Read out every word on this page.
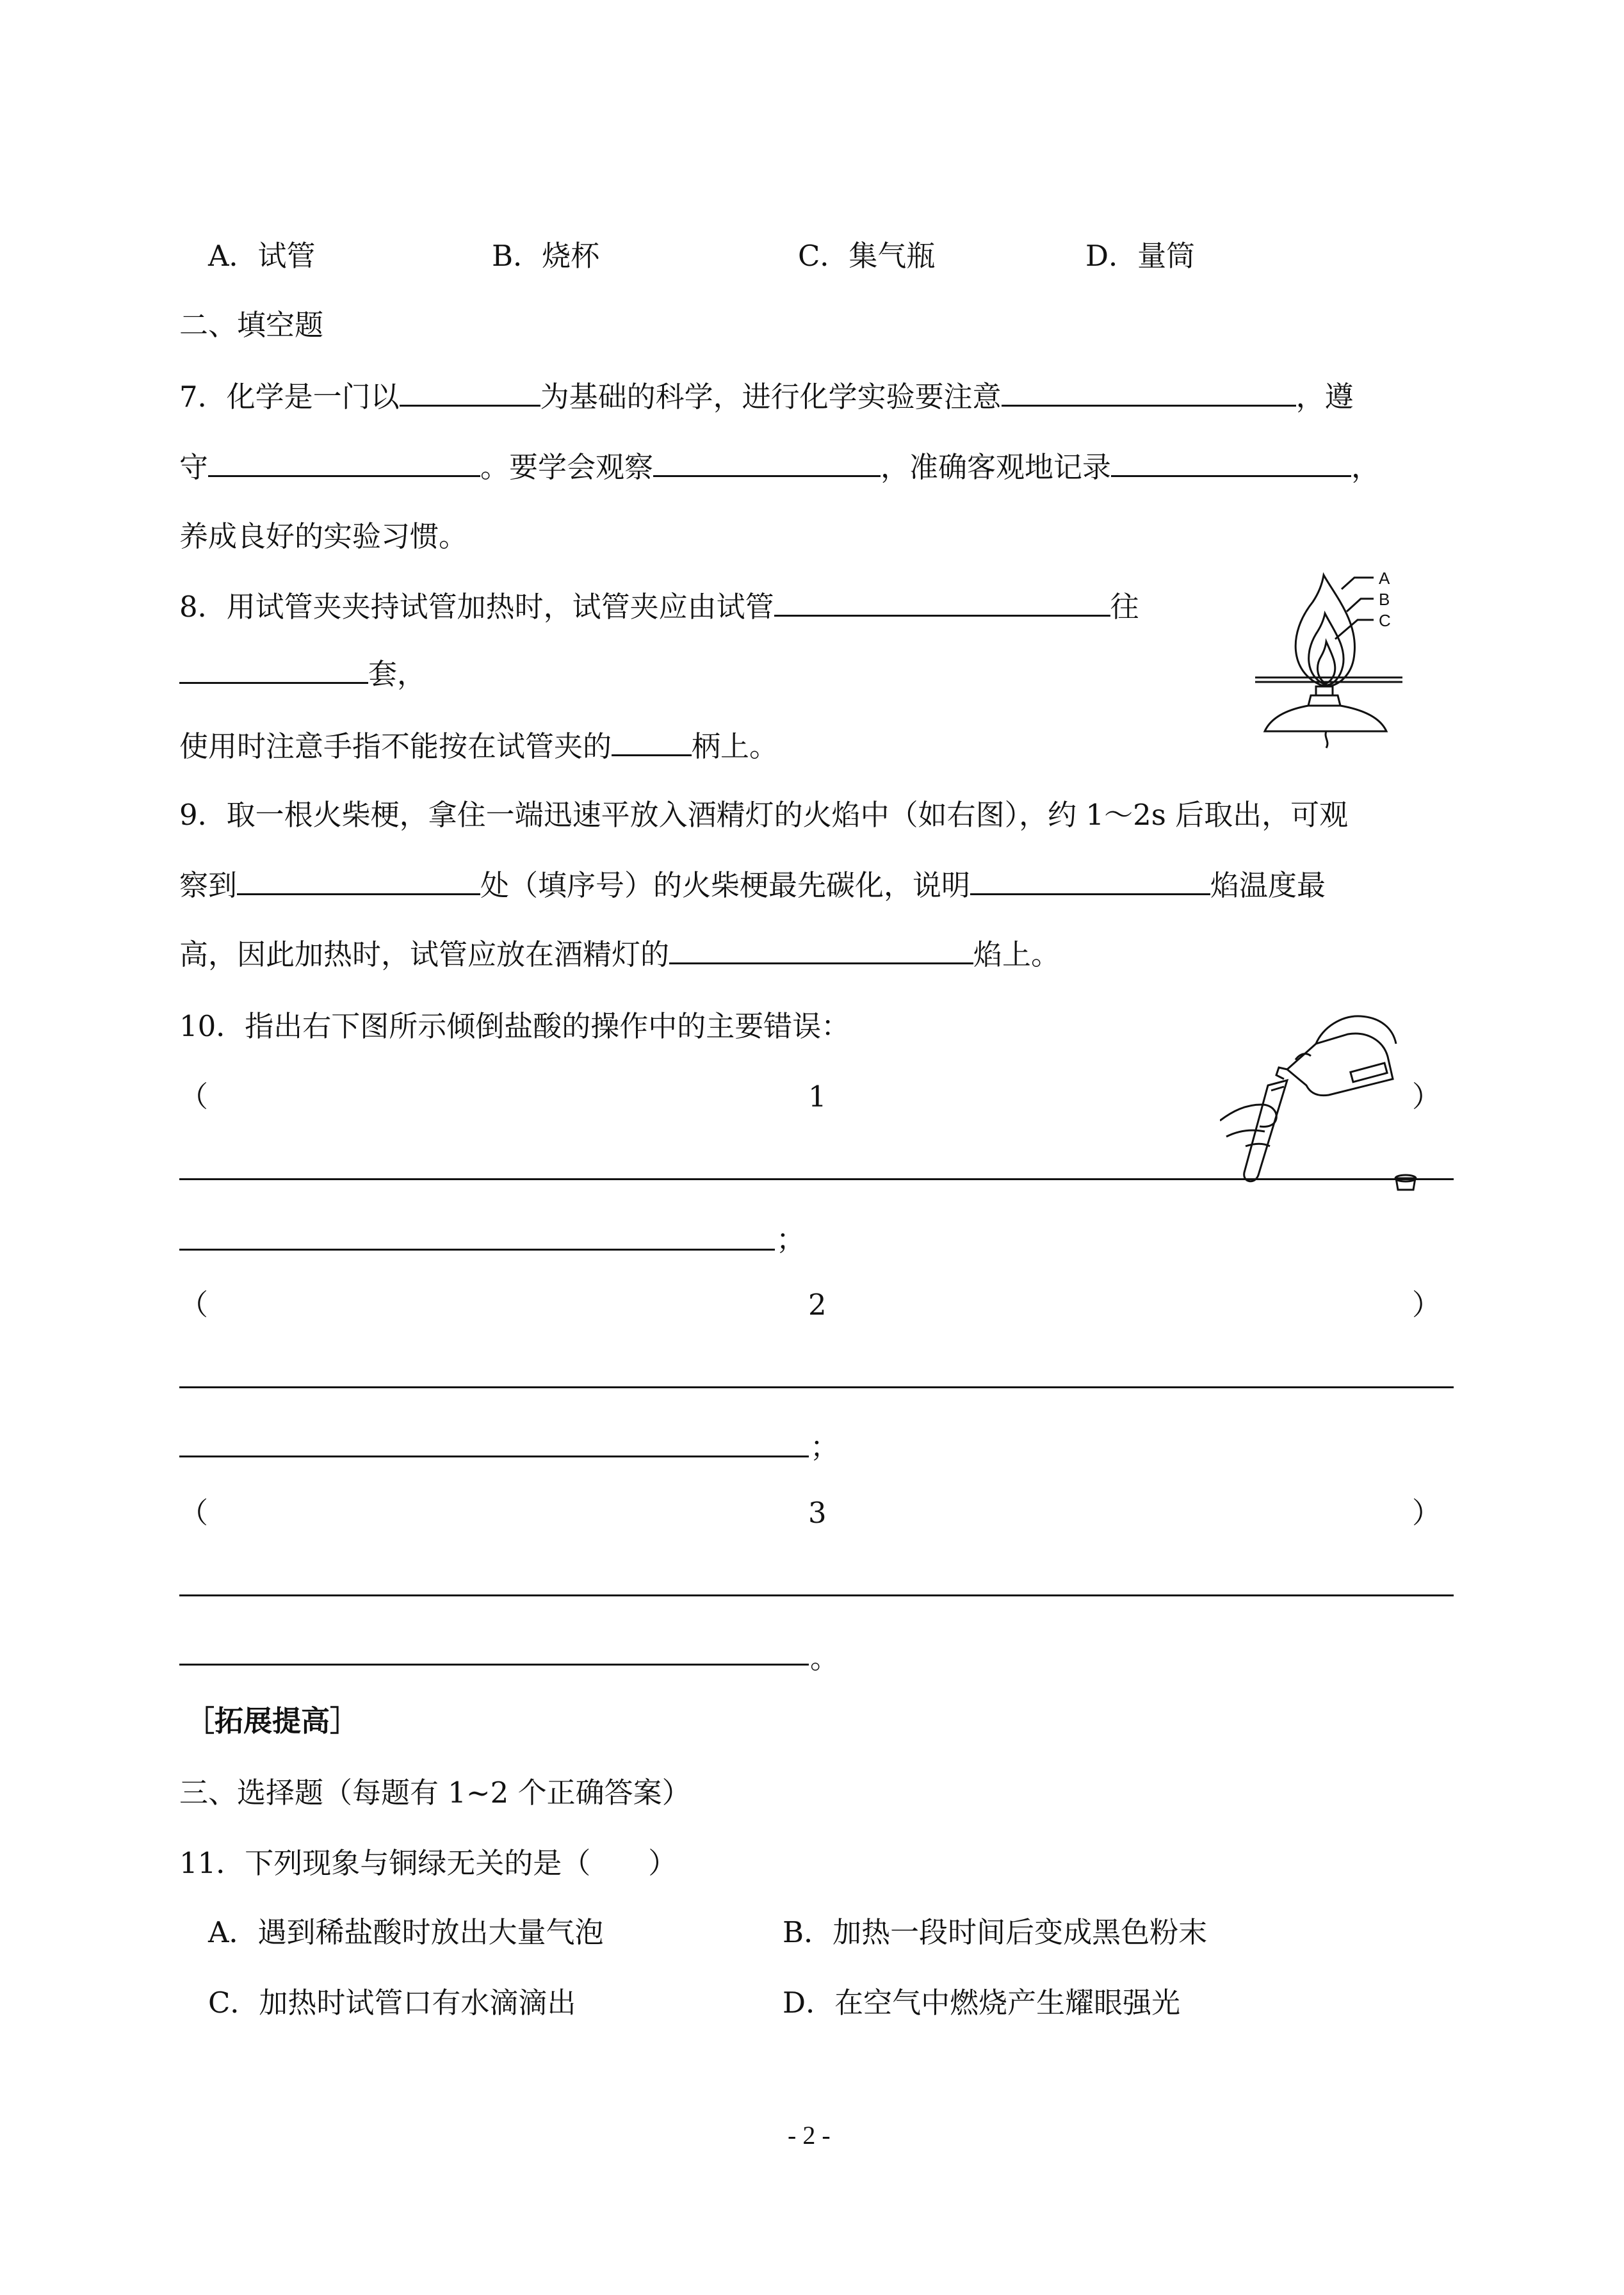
A．试管	B．烧杯	C．集气瓶	D．量筒
二、填空题
7．化学是一门以	为基础的科学，进行化学实验要注意	，遵
守	。要学会观察	，准确客观地记录	，
养成良好的实验习惯。
8．用试管夹夹持试管加热时，试管夹应由试管	往
套，
使用时注意手指不能按在试管夹的	柄上。
A
B
C
9．取一根火柴梗，拿住一端迅速平放入酒精灯的火焰中（如右图），约 1～2s 后取出，可观
察到	处（填序号）的火柴梗最先碳化，说明	焰温度最
高，因此加热时，试管应放在酒精灯的	焰上。
10．指出右下图所示倾倒盐酸的操作中的主要错误：
（	1	）
；
（	2	）
；
（	3	）
。
［拓展提高］
三、选择题（每题有 1~2 个正确答案）
11．下列现象与铜绿无关的是（　　）
A．遇到稀盐酸时放出大量气泡	B．加热一段时间后变成黑色粉末
C．加热时试管口有水滴滴出	D．在空气中燃烧产生耀眼强光
- 2 -
